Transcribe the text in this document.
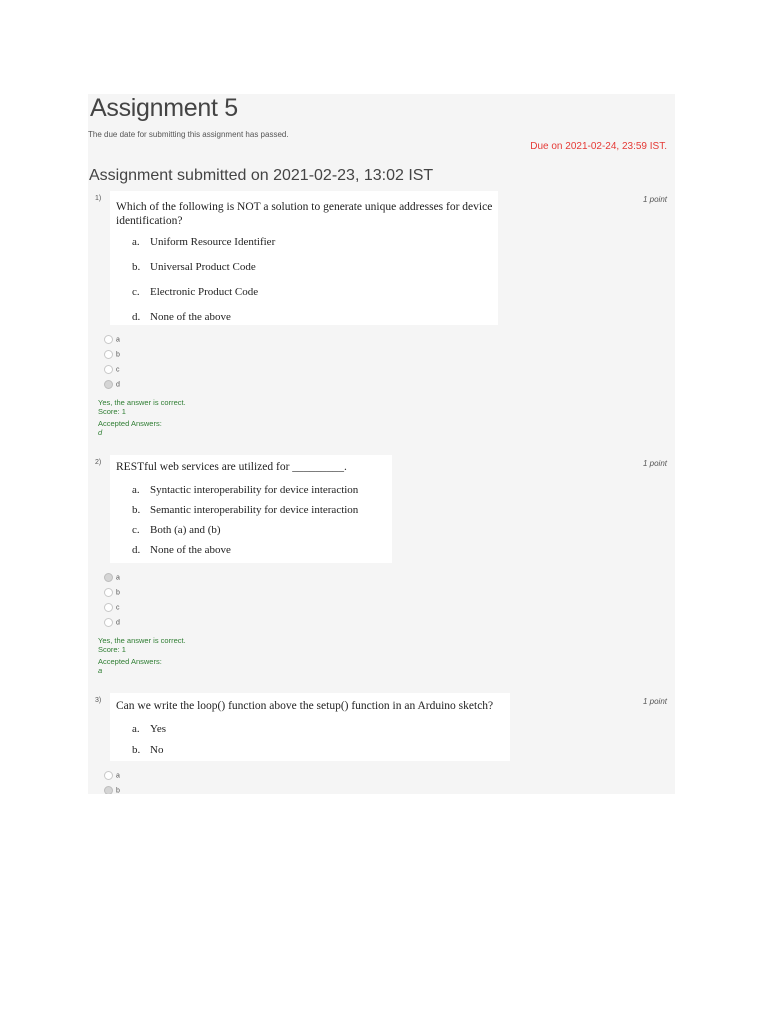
Assignment 5
The due date for submitting this assignment has passed.
Due on 2021-02-24, 23:59 IST.
Assignment submitted on 2021-02-23, 13:02 IST
1)	1 point
Which of the following is NOT a solution to generate unique addresses for device identification?
a. Uniform Resource Identifier
b. Universal Product Code
c. Electronic Product Code
d. None of the above
a
b
c
d
Yes, the answer is correct.
Score: 1
Accepted Answers:
d
2)	1 point
RESTful web services are utilized for _________.
a. Syntactic interoperability for device interaction
b. Semantic interoperability for device interaction
c. Both (a) and (b)
d. None of the above
a
b
c
d
Yes, the answer is correct.
Score: 1
Accepted Answers:
a
3)	1 point
Can we write the loop() function above the setup() function in an Arduino sketch?
a. Yes
b. No
a
b
